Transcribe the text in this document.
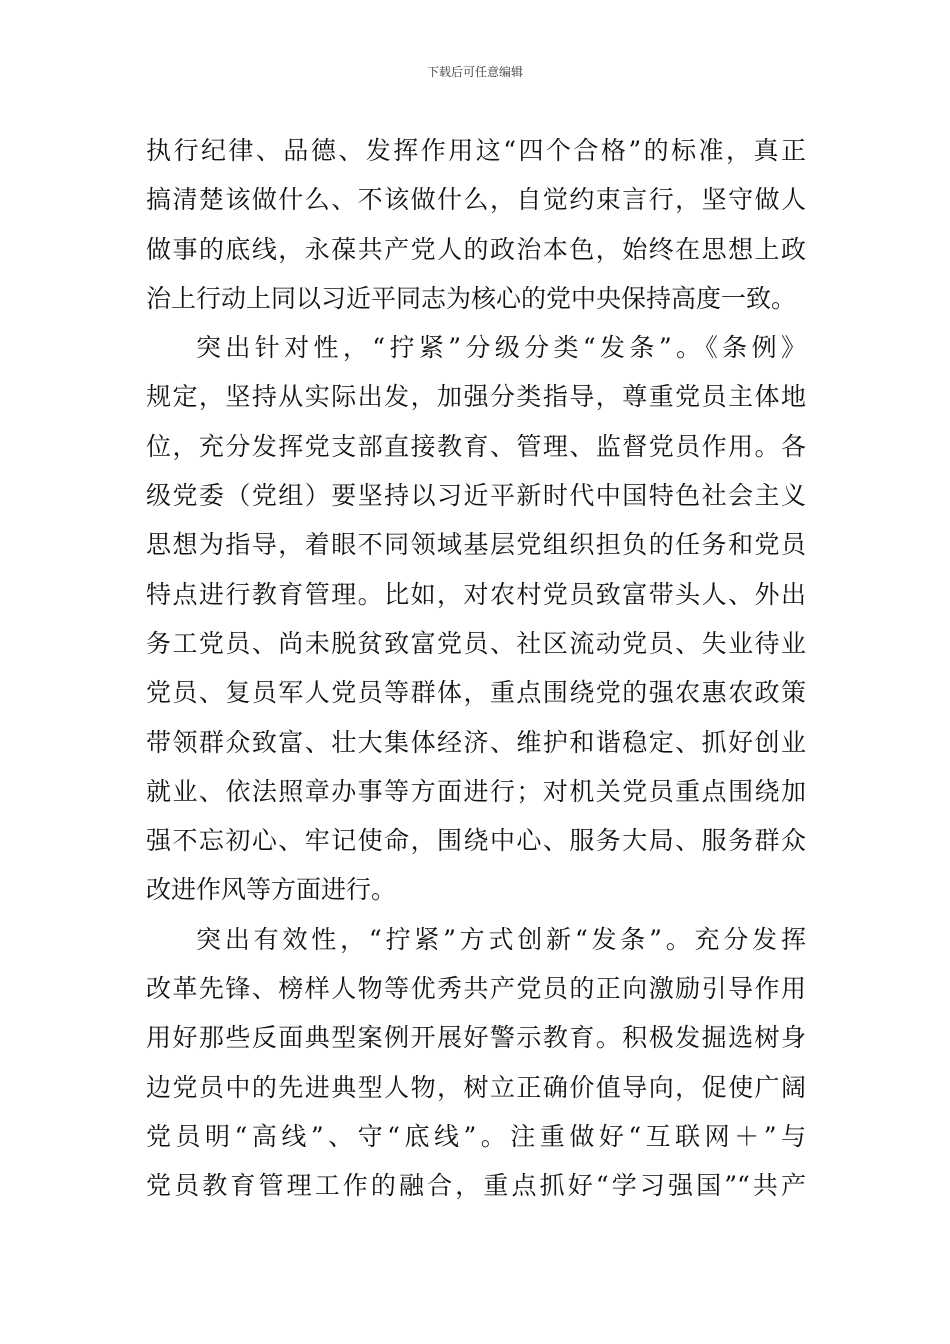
下载后可任意编辑
执行纪律、品德、发挥作用这“四个合格”的标准，真正
搞清楚该做什么、不该做什么，自觉约束言行，坚守做人
做事的底线，永葆共产党人的政治本色，始终在思想上政
治上行动上同以习近平同志为核心的党中央保持高度一致。
突出针对性，“拧紧”分级分类“发条”。《条例》
规定，坚持从实际出发，加强分类指导，尊重党员主体地
位，充分发挥党支部直接教育、管理、监督党员作用。各
级党委（党组）要坚持以习近平新时代中国特色社会主义
思想为指导，着眼不同领域基层党组织担负的任务和党员
特点进行教育管理。比如，对农村党员致富带头人、外出
务工党员、尚未脱贫致富党员、社区流动党员、失业待业
党员、复员军人党员等群体，重点围绕党的强农惠农政策
带领群众致富、壮大集体经济、维护和谐稳定、抓好创业
就业、依法照章办事等方面进行；对机关党员重点围绕加
强不忘初心、牢记使命，围绕中心、服务大局、服务群众
改进作风等方面进行。
突出有效性，“拧紧”方式创新“发条”。充分发挥
改革先锋、榜样人物等优秀共产党员的正向激励引导作用
用好那些反面典型案例开展好警示教育。积极发掘选树身
边党员中的先进典型人物，树立正确价值导向，促使广阔
党员明“高线”、守“底线”。注重做好“互联网＋”与
党员教育管理工作的融合，重点抓好“学习强国”“共产
